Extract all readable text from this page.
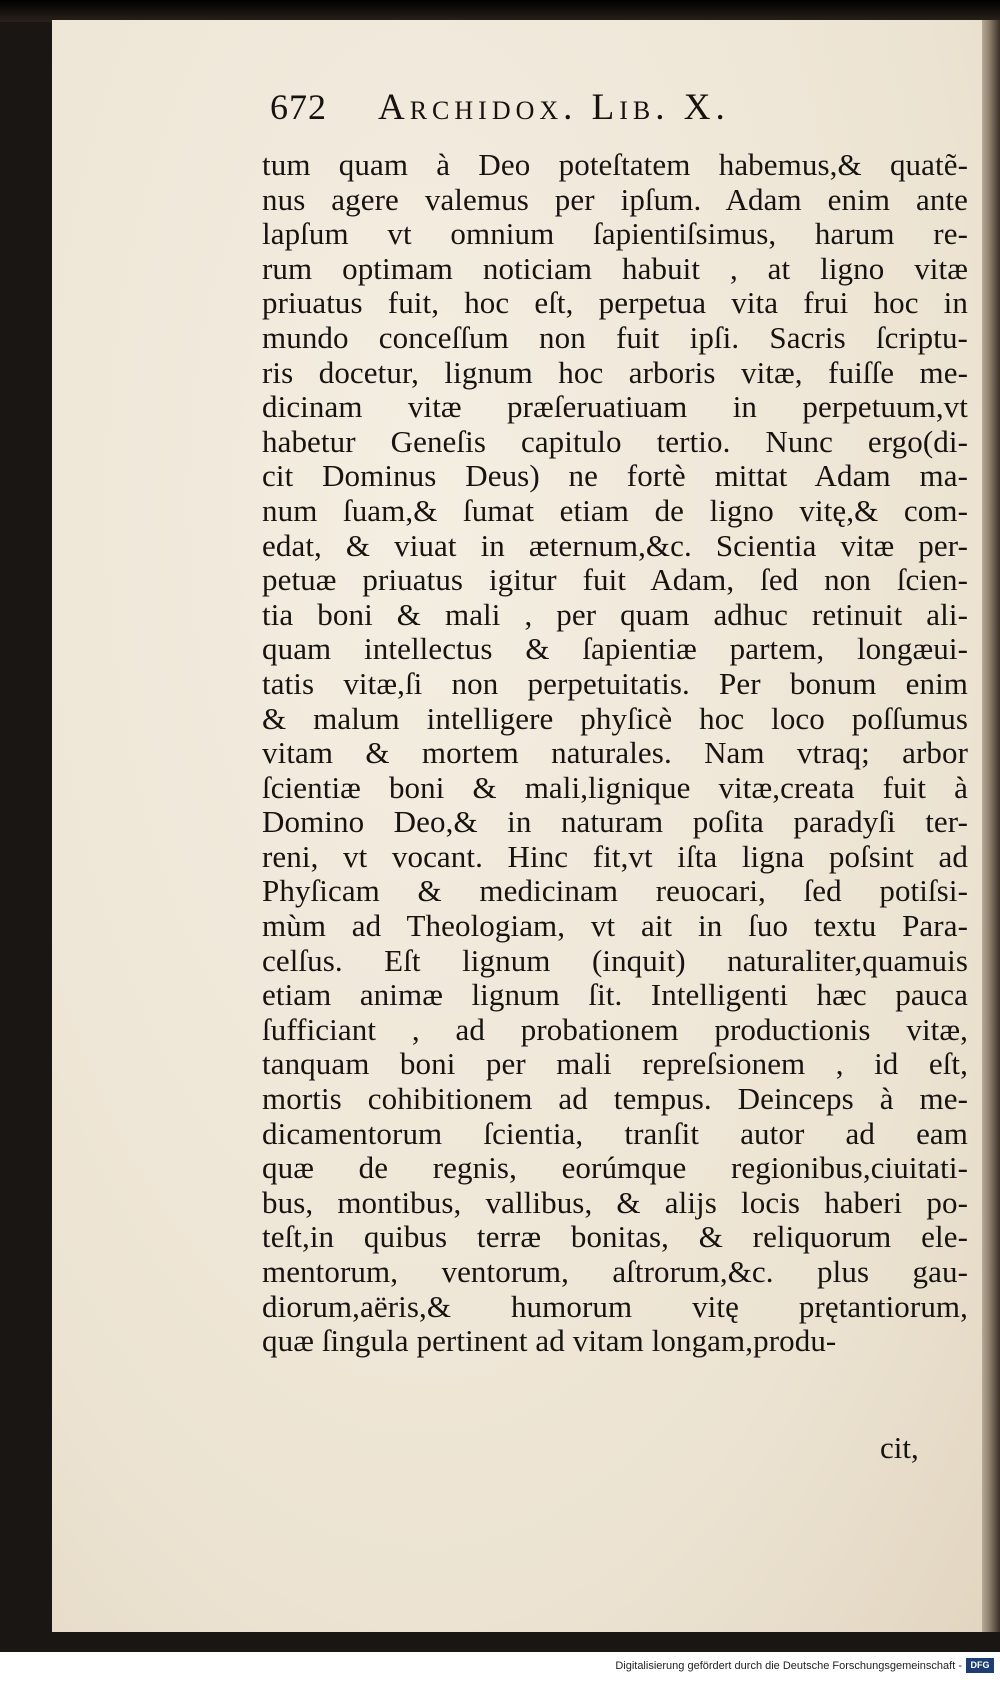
672 Archidox. Lib. X.
tum quam à Deo poteſtatem habemus,& quatẽ-
nus agere valemus per ipſum. Adam enim ante
lapſum vt omnium ſapientiſsimus, harum re-
rum optimam noticiam habuit , at ligno vitæ
priuatus fuit, hoc eſt, perpetua vita frui hoc in
mundo conceſſum non fuit ipſi. Sacris ſcriptu-
ris docetur, lignum hoc arboris vitæ, fuiſſe me-
dicinam vitæ præſeruatiuam in perpetuum,vt
habetur Geneſis capitulo tertio. Nunc ergo(di-
cit Dominus Deus) ne fortè mittat Adam ma-
num ſuam,& ſumat etiam de ligno vitę,& com-
edat, & viuat in æternum,&c. Scientia vitæ per-
petuæ priuatus igitur fuit Adam, ſed non ſcien-
tia boni & mali , per quam adhuc retinuit ali-
quam intellectus & ſapientiæ partem, longæui-
tatis vitæ,ſi non perpetuitatis. Per bonum enim
& malum intelligere phyſicè hoc loco poſſumus
vitam & mortem naturales. Nam vtraq; arbor
ſcientiæ boni & mali,lignique vitæ,creata fuit à
Domino Deo,& in naturam poſita paradyſi ter-
reni, vt vocant. Hinc fit,vt iſta ligna poſsint ad
Phyſicam & medicinam reuocari, ſed potiſsi-
mùm ad Theologiam, vt ait in ſuo textu Para-
celſus. Eſt lignum (inquit) naturaliter,quamuis
etiam animæ lignum ſit. Intelligenti hæc pauca
ſufficiant , ad probationem productionis vitæ,
tanquam boni per mali repreſsionem , id eſt,
mortis cohibitionem ad tempus. Deinceps à me-
dicamentorum ſcientia, tranſit autor ad eam
quæ de regnis, eorúmque regionibus,ciuitati-
bus, montibus, vallibus, & alijs locis haberi po-
teſt,in quibus terræ bonitas, & reliquorum ele-
mentorum, ventorum, aſtrorum,&c. plus gau-
diorum,aëris,& humorum vitę prętantiorum,
quæ ſingula pertinent ad vitam longam,produ-
cit,
Digitalisierung gefördert durch die Deutsche Forschungsgemeinschaft - DFG
